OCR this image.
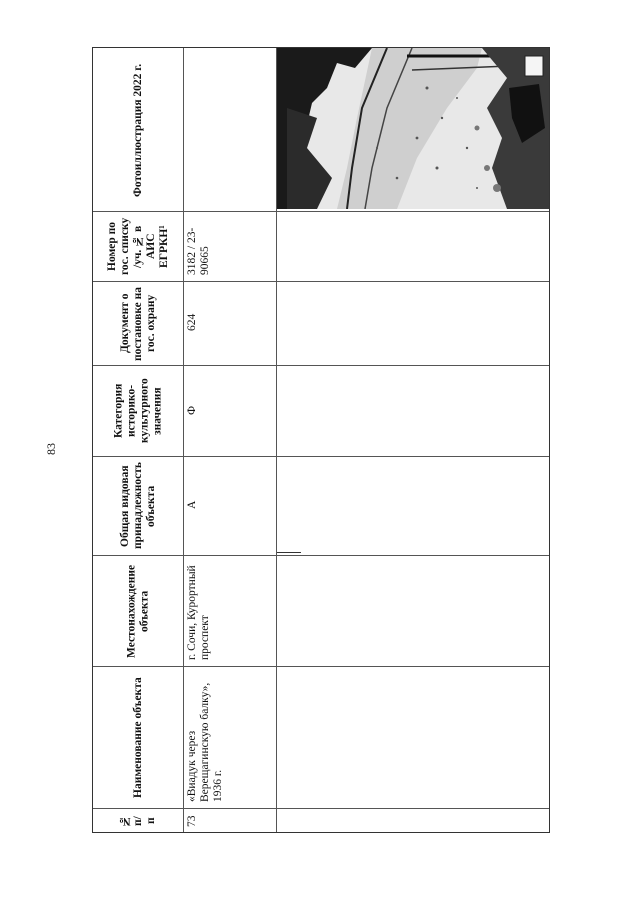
83
Фотоиллюстрация 2022 г.
Номер по гос. списку /уч. № в АИС ЕГРКН¹
Документ о постановке на гос. охрану
Категория историко-культурного значения
Общая видовая принадлежность объекта
Местонахождение объекта
Наименование объекта
№ п/п
3182 / 23-90665
624
Ф
А
г. Сочи, Курортный проспект
«Виадук через Верещагинскую балку», 1936 г.
73
